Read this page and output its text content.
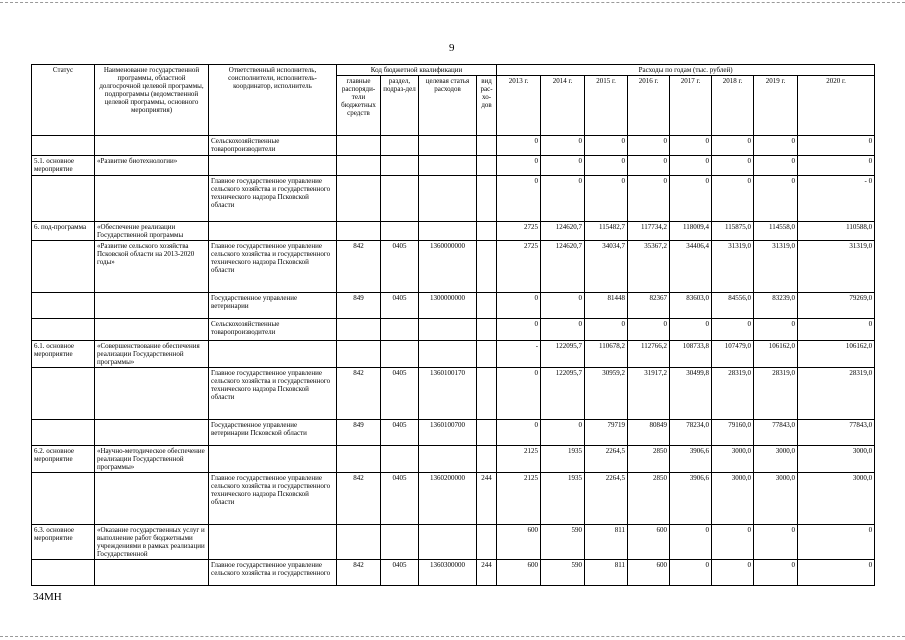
9
Статус	Наименование государственной программы, областной долгосрочной целевой программы, подпрограммы (ведомственной целевой программы, основного мероприятия)	Ответственный исполнитель, соисполнители, исполнитель-координатор, исполнитель	Код бюджетной квалификации				Расходы по годам (тыс. рублей)							
			главные распоряди-тели бюджетных средств	раздел, подраз-дел	целевая статья расходов	вид рас-хо-дов	2013 г.	2014 г.	2015 г.	2016 г.	2017 г.	2018 г.	2019 г.	2020 г.
		Сельскохозяйственные товаропроизводители					0	0	0	0	0	0	0	0
5.1. основное мероприятие	«Развитие биотехнологии»						0	0	0	0	0	0	0	0
		Главное государственное управление сельского хозяйства и государственного технического надзора Псковской области					0	0	0	0	0	0	0	- 0
6. под-программа	«Обеспечение реализации Государственной программы						2725	124620,7	115482,7	117734,2	118009,4	115875,0	114558,0	110588,0
	«Развитие сельского хозяйства Псковской области на 2013-2020 годы»	Главное государственное управление сельского хозяйства и государственного технического надзора Псковской области	842	0405	1360000000		2725	124620,7	34034,7	35367,2	34406,4	31319,0	31319,0	31319,0
		Государственное управление ветеринарии	849	0405	1300000000		0	0	81448	82367	83603,0	84556,0	83239,0	79269,0
		Сельскохозяйственные товаропроизводители					0	0	0	0	0	0	0	0
6.1. основное мероприятие	«Совершенствование обеспечения реализации Государственной программы»						-	122095,7	110678,2	112766,2	108733,8	107479,0	106162,0	106162,0
		Главное государственное управление сельского хозяйства и государственного технического надзора Псковской области	842	0405	1360100170		0	122095,7	30959,2	31917,2	30499,8	28319,0	28319,0	28319,0
		Государственное управление ветеринарии Псковской области	849	0405	1360100700		0	0	79719	80849	78234,0	79160,0	77843,0	77843,0
6.2. основное мероприятие	«Научно-методическое обеспечение реализации Государственной программы»						2125	1935	2264,5	2850	3906,6	3000,0	3000,0	3000,0
		Главное государственное управление сельского хозяйства и государственного технического надзора Псковской области	842	0405	1360200000	244	2125	1935	2264,5	2850	3906,6	3000,0	3000,0	3000,0
6.3. основное мероприятие	«Оказание государственных услуг и выполнение работ бюджетными учреждениями в рамках реализации Государственной						600	590	811	600	0	0	0	0
		Главное государственное управление сельского хозяйства и государственного	842	0405	1360300000	244	600	590	811	600	0	0	0	0
34МН
